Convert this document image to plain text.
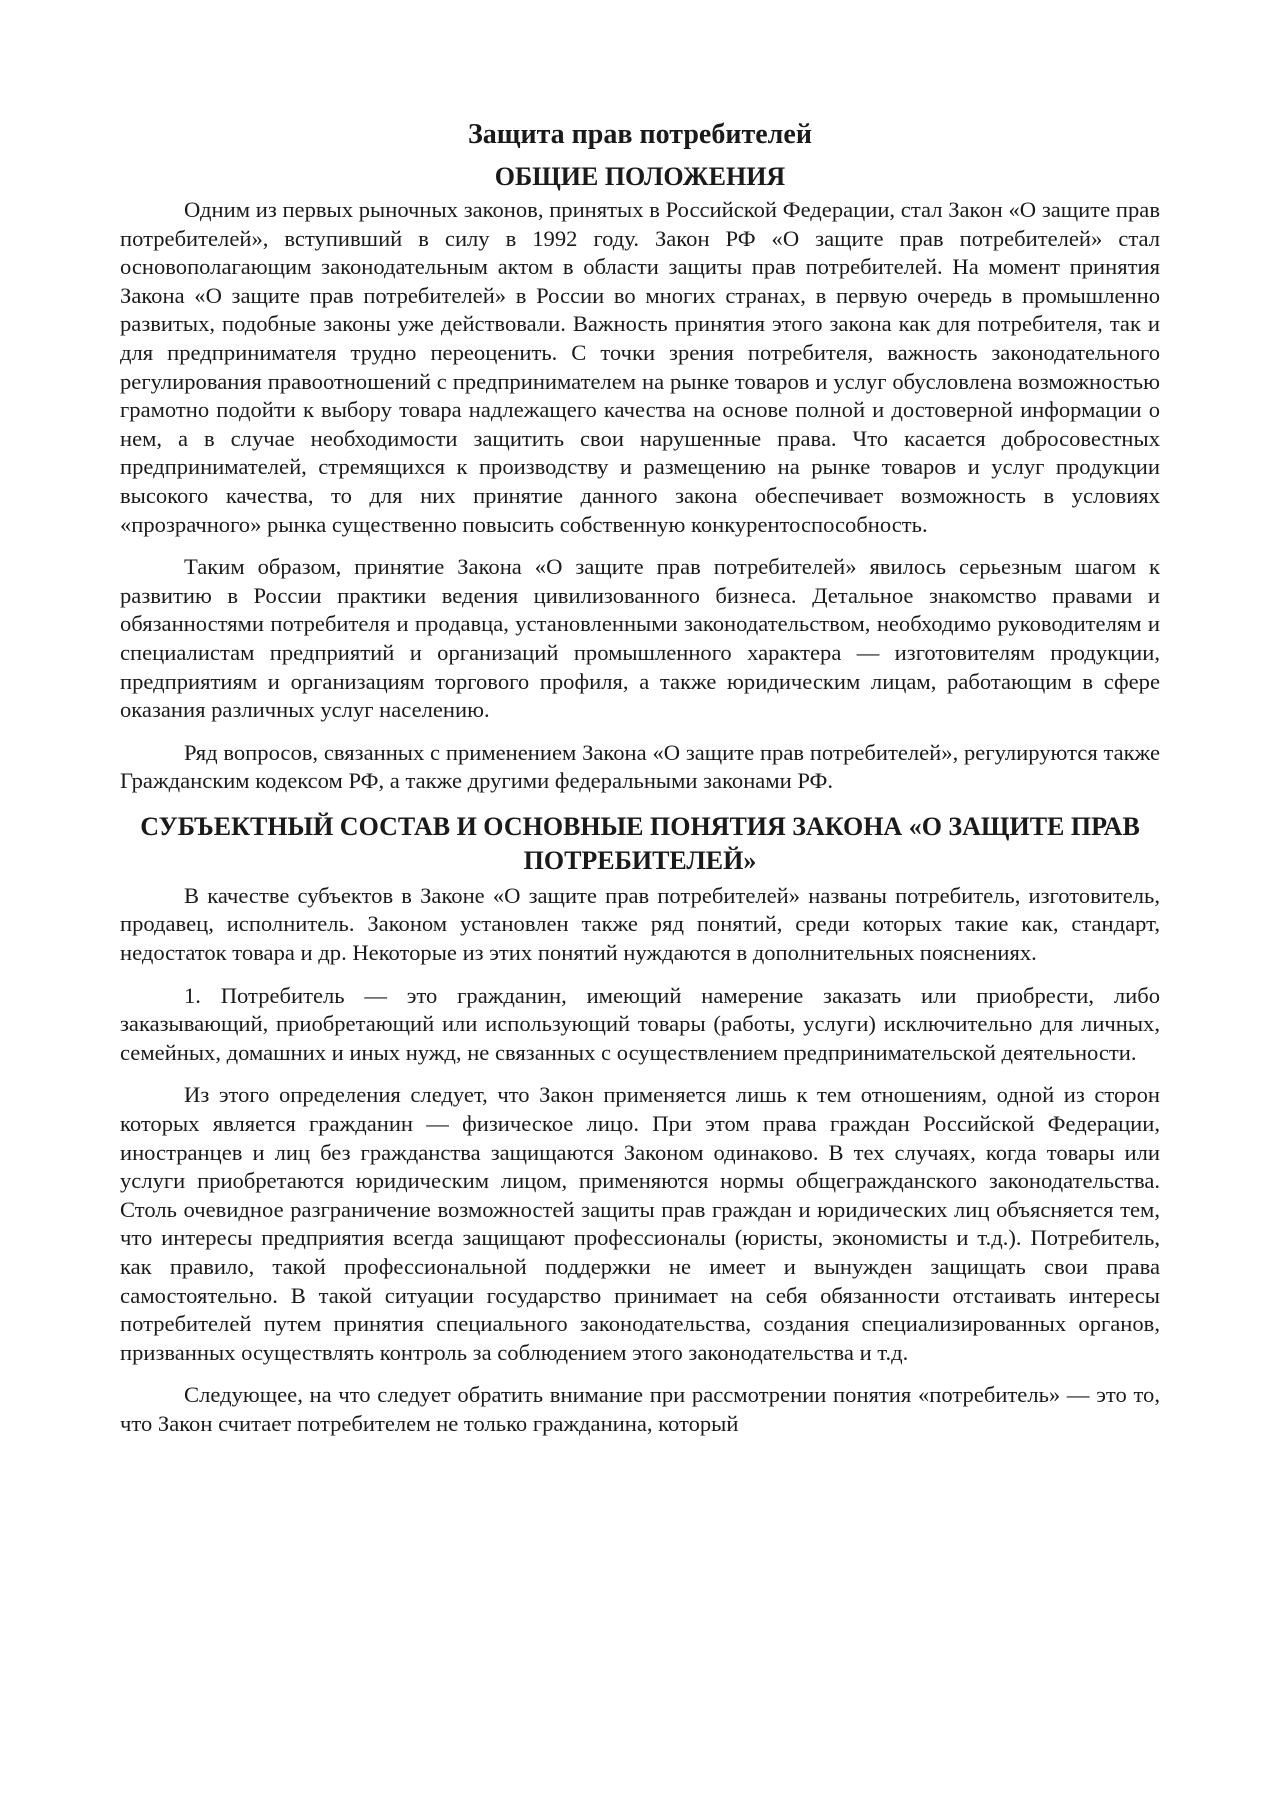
Защита прав потребителей
ОБЩИЕ ПОЛОЖЕНИЯ

Одним из первых рыночных законов, принятых в Российской Федерации, стал Закон «О защите прав потребителей», вступивший в силу в 1992 году. Закон РФ «О защите прав потребителей» стал основополагающим законодательным актом в области защиты прав потребителей. На момент принятия Закона «О защите прав потребителей» в России во многих странах, в первую очередь в промышленно развитых, подобные законы уже действовали. Важность принятия этого закона как для потребителя, так и для предпринимателя трудно переоценить. С точки зрения потребителя, важность законодательного регулирования правоотношений с предпринимателем на рынке товаров и услуг обусловлена возможностью грамотно подойти к выбору товара надлежащего качества на основе полной и достоверной информации о нем, а в случае необходимости защитить свои нарушенные права. Что касается добросовестных предпринимателей, стремящихся к производству и размещению на рынке товаров и услуг продукции высокого качества, то для них принятие данного закона обеспечивает возможность в условиях «прозрачного» рынка существенно повысить собственную конкурентоспособность.

Таким образом, принятие Закона «О защите прав потребителей» явилось серьезным шагом к развитию в России практики ведения цивилизованного бизнеса. Детальное знакомство правами и обязанностями потребителя и продавца, установленными законодательством, необходимо руководителям и специалистам предприятий и организаций промышленного характера — изготовителям продукции, предприятиям и организациям торгового профиля, а также юридическим лицам, работающим в сфере оказания различных услуг населению.

Ряд вопросов, связанных с применением Закона «О защите прав потребителей», регулируются также Гражданским кодексом РФ, а также другими федеральными законами РФ.

СУБЪЕКТНЫЙ СОСТАВ И ОСНОВНЫЕ ПОНЯТИЯ ЗАКОНА «О ЗАЩИТЕ ПРАВ ПОТРЕБИТЕЛЕЙ»

В качестве субъектов в Законе «О защите прав потребителей» названы потребитель, изготовитель, продавец, исполнитель. Законом установлен также ряд понятий, среди которых такие как, стандарт, недостаток товара и др. Некоторые из этих понятий нуждаются в дополнительных пояснениях.

1. Потребитель — это гражданин, имеющий намерение заказать или приобрести, либо заказывающий, приобретающий или использующий товары (работы, услуги) исключительно для личных, семейных, домашних и иных нужд, не связанных с осуществлением предпринимательской деятельности.

Из этого определения следует, что Закон применяется лишь к тем отношениям, одной из сторон которых является гражданин — физическое лицо. При этом права граждан Российской Федерации, иностранцев и лиц без гражданства защищаются Законом одинаково. В тех случаях, когда товары или услуги приобретаются юридическим лицом, применяются нормы общегражданского законодательства. Столь очевидное разграничение возможностей защиты прав граждан и юридических лиц объясняется тем, что интересы предприятия всегда защищают профессионалы (юристы, экономисты и т.д.). Потребитель, как правило, такой профессиональной поддержки не имеет и вынужден защищать свои права самостоятельно. В такой ситуации государство принимает на себя обязанности отстаивать интересы потребителей путем принятия специального законодательства, создания специализированных органов, призванных осуществлять контроль за соблюдением этого законодательства и т.д.

Следующее, на что следует обратить внимание при рассмотрении понятия «потребитель» — это то, что Закон считает потребителем не только гражданина, который
